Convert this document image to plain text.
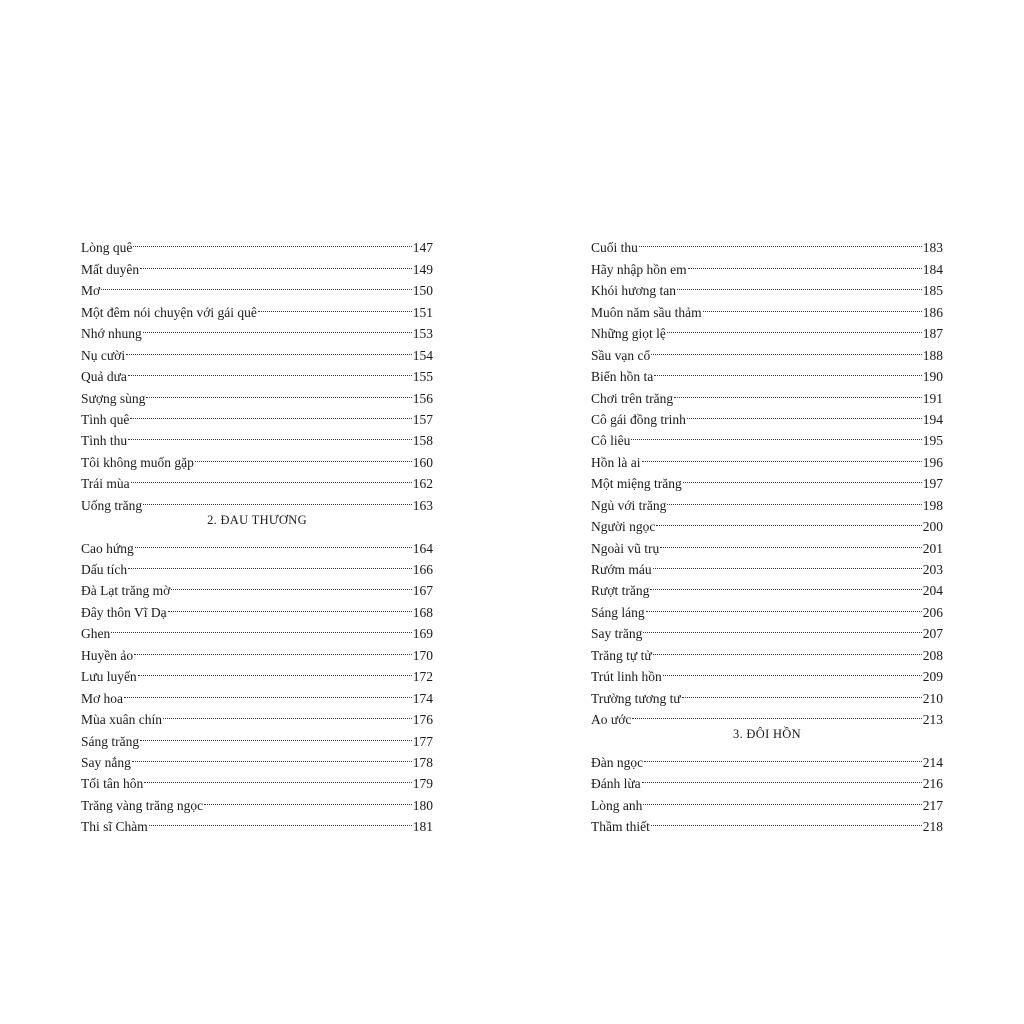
Lòng quê	147
Mất duyên	149
Mơ	150
Một đêm nói chuyện với gái quê	151
Nhớ nhung	153
Nụ cười	154
Quả dưa	155
Sượng sùng	156
Tình quê	157
Tình thu	158
Tôi không muốn gặp	160
Trái mùa	162
Uống trăng	163
2. ĐAU THƯƠNG
Cao hứng	164
Dấu tích	166
Đà Lạt trăng mờ	167
Đây thôn Vĩ Dạ	168
Ghen	169
Huyền ảo	170
Lưu luyến	172
Mơ hoa	174
Mùa xuân chín	176
Sáng trăng	177
Say nắng	178
Tối tân hôn	179
Trăng vàng trăng ngọc	180
Thi sĩ Chàm	181
Cuối thu	183
Hãy nhập hồn em	184
Khói hương tan	185
Muôn năm sầu thảm	186
Những giọt lệ	187
Sầu vạn cổ	188
Biển hồn ta	190
Chơi trên trăng	191
Cô gái đồng trinh	194
Cô liêu	195
Hồn là ai	196
Một miệng trăng	197
Ngủ với trăng	198
Người ngọc	200
Ngoài vũ trụ	201
Rướm máu	203
Rượt trăng	204
Sáng láng	206
Say trăng	207
Trăng tự tử	208
Trút linh hồn	209
Trường tương tư	210
Ao ước	213
3. ĐÔI HỒN
Đàn ngọc	214
Đánh lừa	216
Lòng anh	217
Thầm thiết	218
